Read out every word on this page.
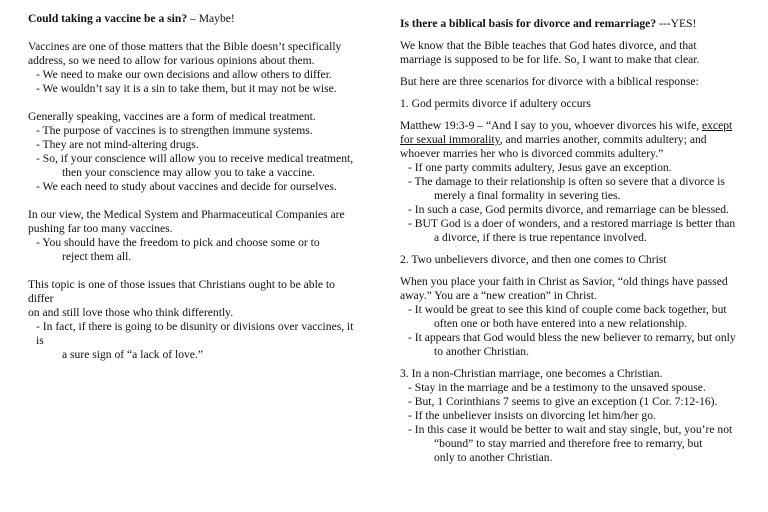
Could taking a vaccine be a sin? – Maybe!

Vaccines are one of those matters that the Bible doesn’t specifically

address, so we need to allow for various opinions about them.

- We need to make our own decisions and allow others to differ.

- We wouldn’t say it is a sin to take them, but it may not be wise.

Generally speaking, vaccines are a form of medical treatment.

- The purpose of vaccines is to strengthen immune systems.

- They are not mind-altering drugs.

- So, if your conscience will allow you to receive medical treatment,

then your conscience may allow you to take a vaccine.

- We each need to study about vaccines and decide for ourselves.

In our view, the Medical System and Pharmaceutical Companies are

pushing far too many vaccines.

- You should have the freedom to pick and choose some or to

reject them all.

This topic is one of those issues that Christians ought to be able to differ

on and still love those who think differently.

- In fact, if there is going to be disunity or divisions over vaccines, it is

a sure sign of “a lack of love.”

Is there a biblical basis for divorce and remarriage? ---YES!

We know that the Bible teaches that God hates divorce, and that

marriage is supposed to be for life. So, I want to make that clear.

But here are three scenarios for divorce with a biblical response:

1. God permits divorce if adultery occurs

Matthew 19:3-9 – “And I say to you, whoever divorces his wife, except

for sexual immorality, and marries another, commits adultery; and

whoever marries her who is divorced commits adultery.”

- If one party commits adultery, Jesus gave an exception.

- The damage to their relationship is often so severe that a divorce is

merely a final formality in severing ties.

- In such a case, God permits divorce, and remarriage can be blessed.

- BUT God is a doer of wonders, and a restored marriage is better than

a divorce, if there is true repentance involved.

2. Two unbelievers divorce, and then one comes to Christ

When you place your faith in Christ as Savior, “old things have passed

away.” You are a “new creation” in Christ.

- It would be great to see this kind of couple come back together, but

often one or both have entered into a new relationship.

- It appears that God would bless the new believer to remarry, but only

to another Christian.

3. In a non-Christian marriage, one becomes a Christian.

- Stay in the marriage and be a testimony to the unsaved spouse.

- But, 1 Corinthians 7 seems to give an exception (1 Cor. 7:12-16).

- If the unbeliever insists on divorcing let him/her go.

- In this case it would be better to wait and stay single, but, you’re not

“bound” to stay married and therefore free to remarry, but

only to another Christian.
